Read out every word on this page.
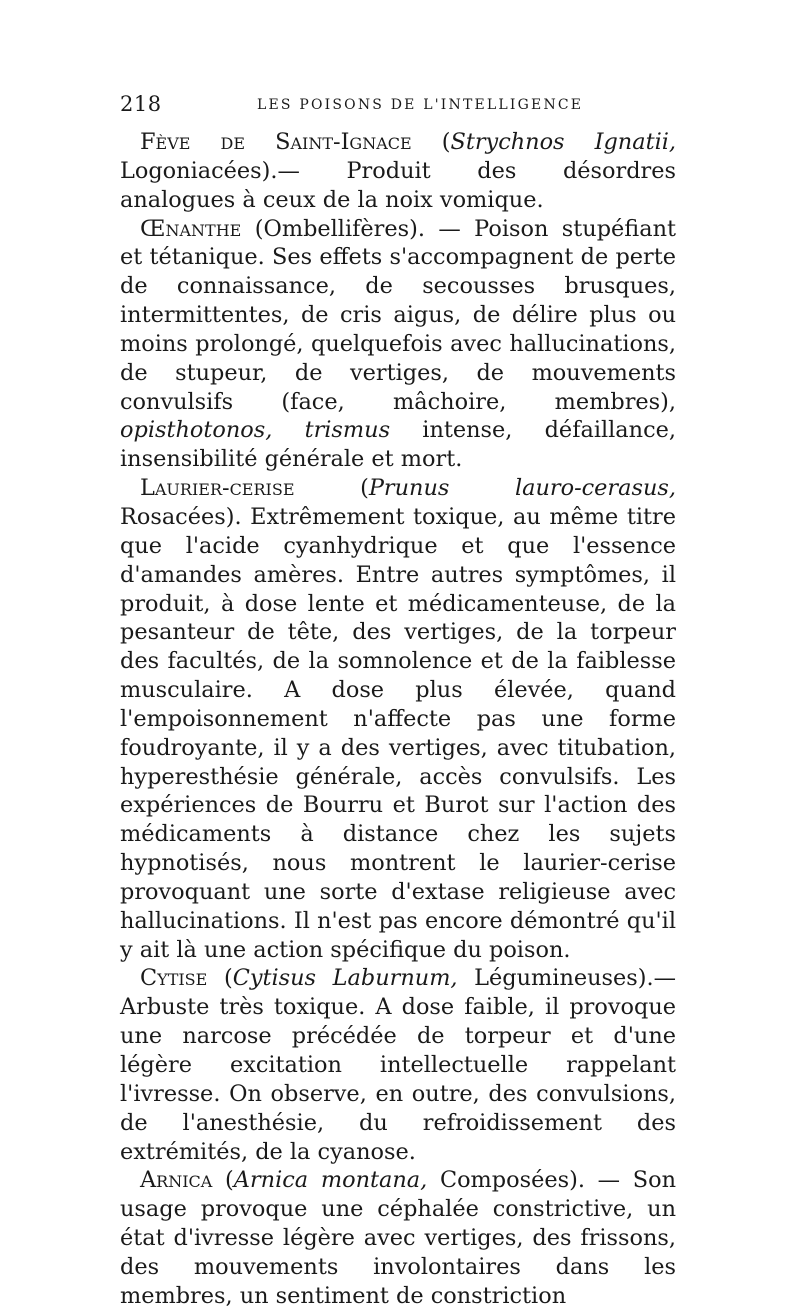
218	LES POISONS DE L'INTELLIGENCE

Fève de Saint-Ignace (Strychnos Ignatii, Logoniacées).— Produit des désordres analogues à ceux de la noix vomique.

Œnanthe (Ombellifères). — Poison stupéfiant et tétanique. Ses effets s'accompagnent de perte de connaissance, de secousses brusques, intermittentes, de cris aigus, de délire plus ou moins prolongé, quelquefois avec hallucinations, de stupeur, de vertiges, de mouvements convulsifs (face, mâchoire, membres), opisthotonos, trismus intense, défaillance, insensibilité générale et mort.

Laurier-cerise (Prunus lauro-cerasus, Rosacées). Extrêmement toxique, au même titre que l'acide cyanhydrique et que l'essence d'amandes amères. Entre autres symptômes, il produit, à dose lente et médicamenteuse, de la pesanteur de tête, des vertiges, de la torpeur des facultés, de la somnolence et de la faiblesse musculaire. A dose plus élevée, quand l'empoisonnement n'affecte pas une forme foudroyante, il y a des vertiges, avec titubation, hyperesthésie générale, accès convulsifs. Les expériences de Bourru et Burot sur l'action des médicaments à distance chez les sujets hypnotisés, nous montrent le laurier-cerise provoquant une sorte d'extase religieuse avec hallucinations. Il n'est pas encore démontré qu'il y ait là une action spécifique du poison.

Cytise (Cytisus Laburnum, Légumineuses).—Arbuste très toxique. A dose faible, il provoque une narcose précédée de torpeur et d'une légère excitation intellectuelle rappelant l'ivresse. On observe, en outre, des convulsions, de l'anesthésie, du refroidissement des extrémités, de la cyanose.

Arnica (Arnica montana, Composées). — Son usage provoque une céphalée constrictive, un état d'ivresse légère avec vertiges, des frissons, des mouvements involontaires dans les membres, un sentiment de constriction
